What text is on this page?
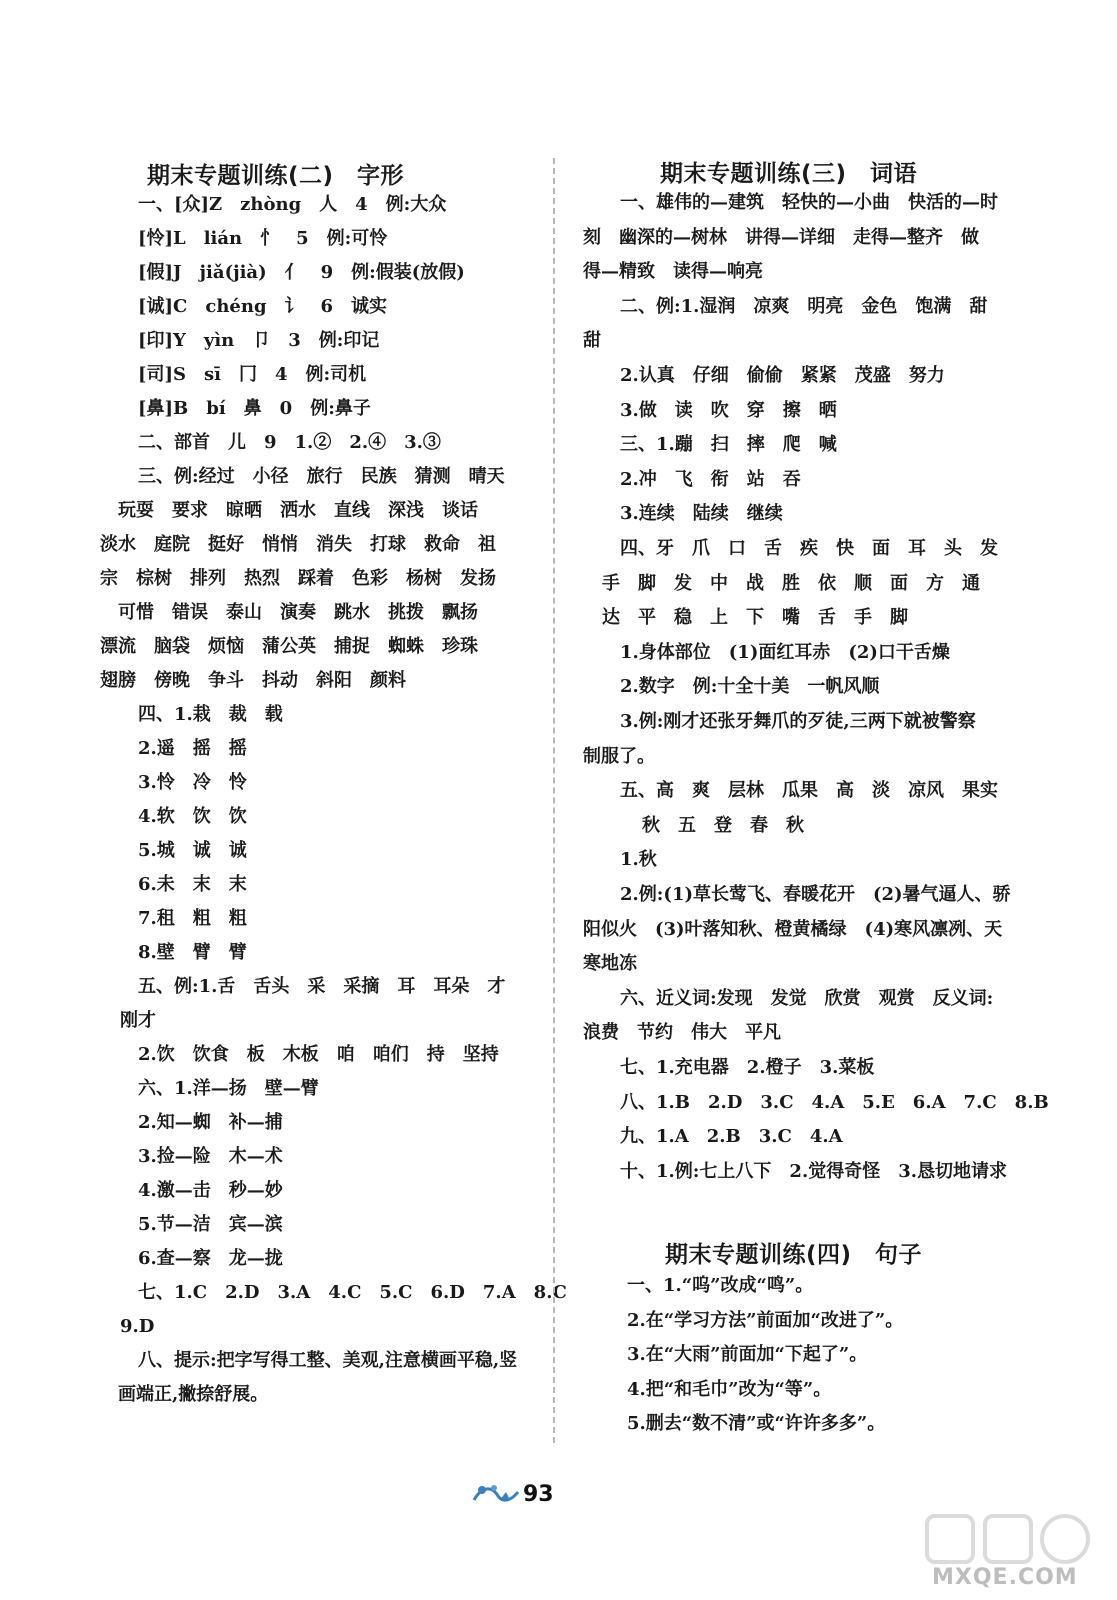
期末专题训练(二)　字形
一、[众]Z　zhòng　人　4　例:大众
[怜]L　lián　忄　5　例:可怜
[假]J　jiǎ(jià)　亻　9　例:假装(放假)
[诚]C　chéng　讠　6　诚实
[印]Y　yìn　卩　3　例:印记
[司]S　sī　冂　4　例:司机
[鼻]B　bí　鼻　0　例:鼻子
二、部首　儿　9　1.②　2.④　3.③
三、例:经过　小径　旅行　民族　猜测　晴天
玩耍　要求　晾晒　洒水　直线　深浅　谈话
淡水　庭院　挺好　悄悄　消失　打球　救命　祖
宗　棕树　排列　热烈　踩着　色彩　杨树　发扬
可惜　错误　泰山　演奏　跳水　挑拨　飘扬
漂流　脑袋　烦恼　蒲公英　捕捉　蜘蛛　珍珠
翅膀　傍晚　争斗　抖动　斜阳　颜料
四、1.栽　裁　载
2.遥　摇　摇
3.怜　冷　怜
4.软　饮　饮
5.城　诚　诚
6.未　末　末
7.租　粗　粗
8.壁　臂　臂
五、例:1.舌　舌头　采　采摘　耳　耳朵　才
刚才
2.饮　饮食　板　木板　咱　咱们　持　坚持
六、1.洋—扬　壁—臂
2.知—蜘　补—捕
3.捡—险　木—术
4.激—击　秒—妙
5.节—洁　宾—滨
6.查—察　龙—拢
七、1.C　2.D　3.A　4.C　5.C　6.D　7.A　8.C
9.D
八、提示:把字写得工整、美观,注意横画平稳,竖
画端正,撇捺舒展。
期末专题训练(三)　词语
一、雄伟的—建筑　轻快的—小曲　快活的—时
刻　幽深的—树林　讲得—详细　走得—整齐　做
得—精致　读得—响亮
二、例:1.湿润　凉爽　明亮　金色　饱满　甜
甜
2.认真　仔细　偷偷　紧紧　茂盛　努力
3.做　读　吹　穿　擦　晒
三、1.蹦　扫　摔　爬　喊
2.冲　飞　衔　站　吞
3.连续　陆续　继续
四、牙　爪　口　舌　疾　快　面　耳　头　发
手　脚　发　中　战　胜　依　顺　面　方　通
达　平　稳　上　下　嘴　舌　手　脚
1.身体部位　(1)面红耳赤　(2)口干舌燥
2.数字　例:十全十美　一帆风顺
3.例:刚才还张牙舞爪的歹徒,三两下就被警察
制服了。
五、高　爽　层林　瓜果　高　淡　凉风　果实
秋　五　登　春　秋
1.秋
2.例:(1)草长莺飞、春暖花开　(2)暑气逼人、骄
阳似火　(3)叶落知秋、橙黄橘绿　(4)寒风凛冽、天
寒地冻
六、近义词:发现　发觉　欣赏　观赏　反义词:
浪费　节约　伟大　平凡
七、1.充电器　2.橙子　3.菜板
八、1.B　2.D　3.C　4.A　5.E　6.A　7.C　8.B
九、1.A　2.B　3.C　4.A
十、1.例:七上八下　2.觉得奇怪　3.恳切地请求
期末专题训练(四)　句子
一、1.“呜”改成“鸣”。
2.在“学习方法”前面加“改进了”。
3.在“大雨”前面加“下起了”。
4.把“和毛巾”改为“等”。
5.删去“数不清”或“许许多多”。
93
MXQE.COM
